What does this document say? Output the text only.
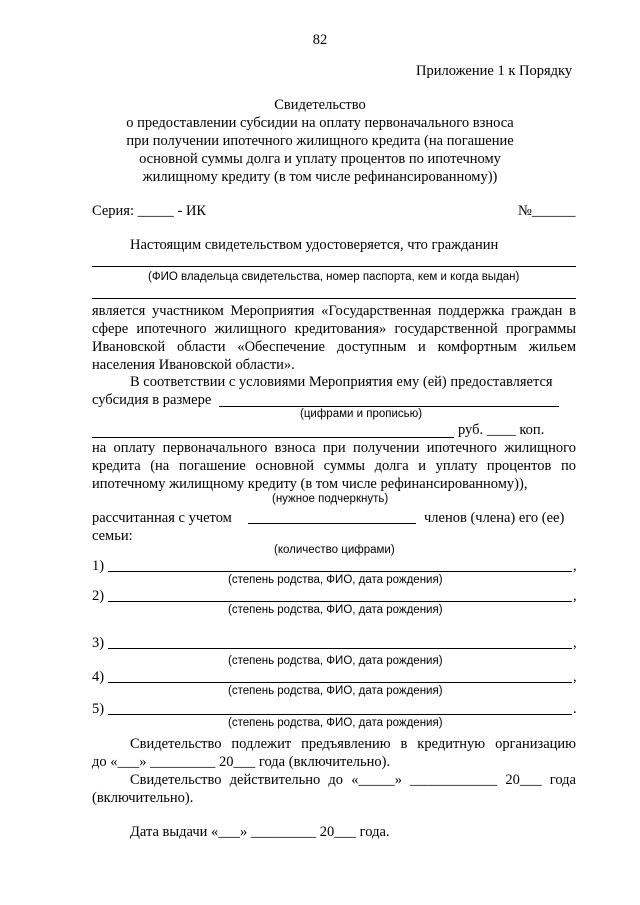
82
Приложение 1 к Порядку
Свидетельство
о предоставлении субсидии на оплату первоначального взноса
при получении ипотечного жилищного кредита (на погашение
основной суммы долга и уплату процентов по ипотечному
жилищному кредиту (в том числе рефинансированному))
Серия: _____ - ИК	№______
Настоящим свидетельством удостоверяется, что гражданин
(ФИО владельца свидетельства, номер паспорта, кем и когда выдан)
является участником Мероприятия «Государственная поддержка граждан в
сфере ипотечного жилищного кредитования» государственной программы
Ивановской области «Обеспечение доступным и комфортным жильем
населения Ивановской области».
В соответствии с условиями Мероприятия ему (ей) предоставляется
субсидия в размере
(цифрами и прописью)
руб. ____ коп.
на оплату первоначального взноса при получении ипотечного жилищного
кредита (на погашение основной суммы долга и уплату процентов по
ипотечному жилищному кредиту (в том числе рефинансированному)),
(нужное подчеркнуть)
рассчитанная с учетом	членов (члена) его (ее)
семьи:
(количество цифрами)
1)	,
(степень родства, ФИО, дата рождения)
2)	,
(степень родства, ФИО, дата рождения)
3)	,
(степень родства, ФИО, дата рождения)
4)	,
(степень родства, ФИО, дата рождения)
5)	.
(степень родства, ФИО, дата рождения)
Свидетельство подлежит предъявлению в кредитную организацию
до «___» _________ 20___ года (включительно).
Свидетельство действительно до «_____» ____________ 20___ года
(включительно).
Дата выдачи «___» _________ 20___ года.
